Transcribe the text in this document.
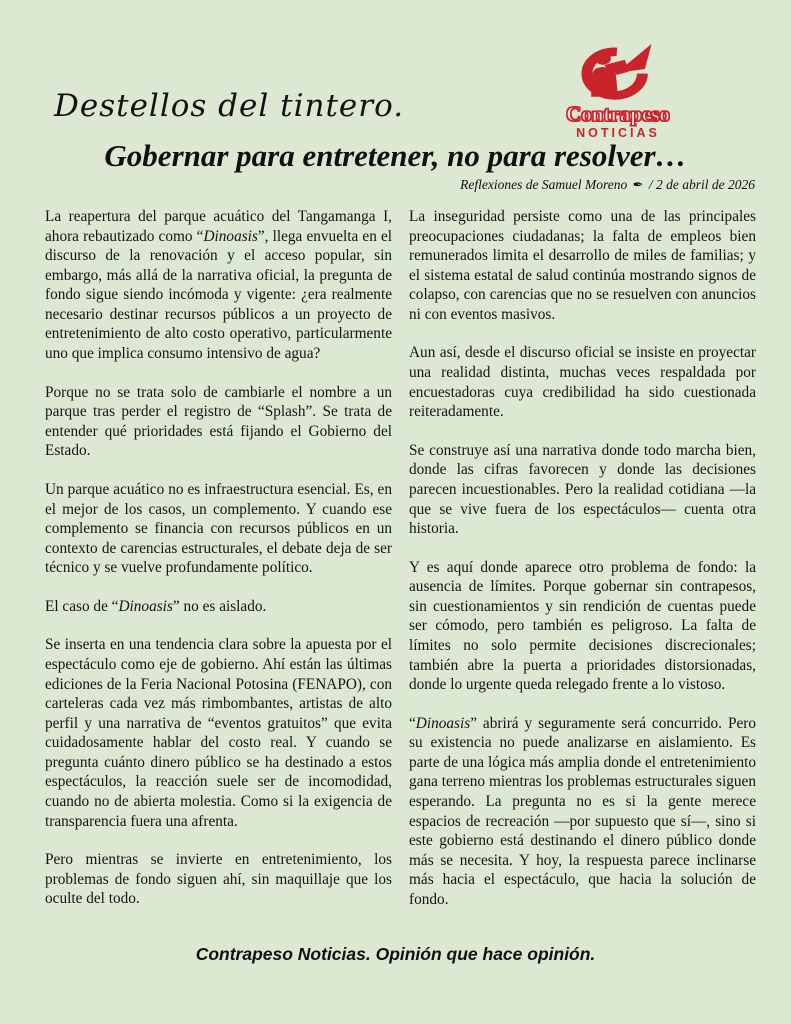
Destellos del tintero.	Contrapeso
NOTICIAS
Gobernar para entretener, no para resolver…
Reflexiones de Samuel Moreno ✒ / 2 de abril de 2026

La reapertura del parque acuático del Tangamanga I, ahora rebautizado como “Dinoasis”, llega envuelta en el discurso de la renovación y el acceso popular, sin embargo, más allá de la narrativa oficial, la pregunta de fondo sigue siendo incómoda y vigente: ¿era realmente necesario destinar recursos públicos a un proyecto de entretenimiento de alto costo operativo, particularmente uno que implica consumo intensivo de agua?

Porque no se trata solo de cambiarle el nombre a un parque tras perder el registro de “Splash”. Se trata de entender qué prioridades está fijando el Gobierno del Estado.

Un parque acuático no es infraestructura esencial. Es, en el mejor de los casos, un complemento. Y cuando ese complemento se financia con recursos públicos en un contexto de carencias estructurales, el debate deja de ser técnico y se vuelve profundamente político.

El caso de “Dinoasis” no es aislado.

Se inserta en una tendencia clara sobre la apuesta por el espectáculo como eje de gobierno. Ahí están las últimas ediciones de la Feria Nacional Potosina (FENAPO), con carteleras cada vez más rimbombantes, artistas de alto perfil y una narrativa de “eventos gratuitos” que evita cuidadosamente hablar del costo real. Y cuando se pregunta cuánto dinero público se ha destinado a estos espectáculos, la reacción suele ser de incomodidad, cuando no de abierta molestia. Como si la exigencia de transparencia fuera una afrenta.

Pero mientras se invierte en entretenimiento, los problemas de fondo siguen ahí, sin maquillaje que los oculte del todo.

La inseguridad persiste como una de las principales preocupaciones ciudadanas; la falta de empleos bien remunerados limita el desarrollo de miles de familias; y el sistema estatal de salud continúa mostrando signos de colapso, con carencias que no se resuelven con anuncios ni con eventos masivos.

Aun así, desde el discurso oficial se insiste en proyectar una realidad distinta, muchas veces respaldada por encuestadoras cuya credibilidad ha sido cuestionada reiteradamente.

Se construye así una narrativa donde todo marcha bien, donde las cifras favorecen y donde las decisiones parecen incuestionables. Pero la realidad cotidiana —la que se vive fuera de los espectáculos— cuenta otra historia.

Y es aquí donde aparece otro problema de fondo: la ausencia de límites. Porque gobernar sin contrapesos, sin cuestionamientos y sin rendición de cuentas puede ser cómodo, pero también es peligroso. La falta de límites no solo permite decisiones discrecionales; también abre la puerta a prioridades distorsionadas, donde lo urgente queda relegado frente a lo vistoso.

“Dinoasis” abrirá y seguramente será concurrido. Pero su existencia no puede analizarse en aislamiento. Es parte de una lógica más amplia donde el entretenimiento gana terreno mientras los problemas estructurales siguen esperando. La pregunta no es si la gente merece espacios de recreación —por supuesto que sí—, sino si este gobierno está destinando el dinero público donde más se necesita. Y hoy, la respuesta parece inclinarse más hacia el espectáculo, que hacia la solución de fondo.

Contrapeso Noticias. Opinión que hace opinión.
